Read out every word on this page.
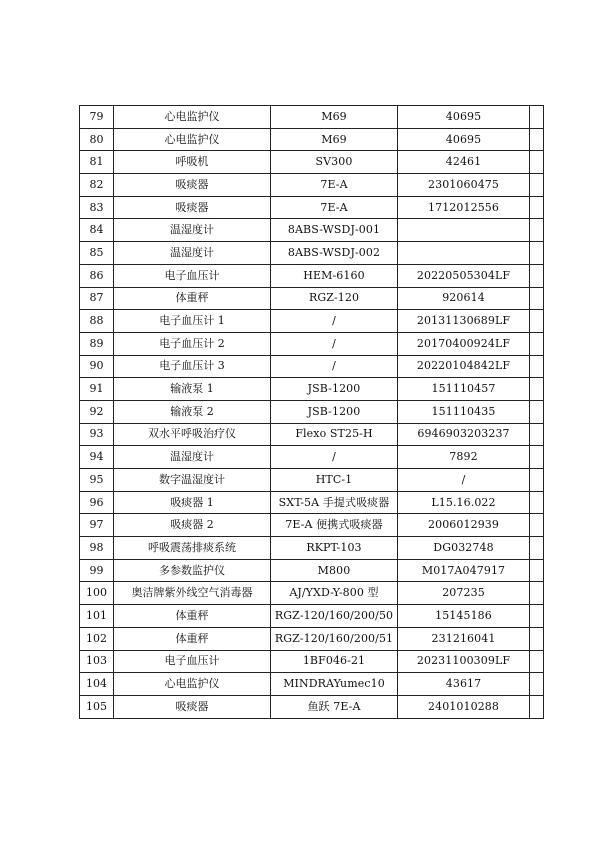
79	心电监护仪	M69	40695	
80	心电监护仪	M69	40695	
81	呼吸机	SV300	42461	
82	吸痰器	7E-A	2301060475	
83	吸痰器	7E-A	1712012556	
84	温湿度计	8ABS-WSDJ-001		
85	温湿度计	8ABS-WSDJ-002		
86	电子血压计	HEM-6160	20220505304LF	
87	体重秤	RGZ-120	920614	
88	电子血压计 1	/	20131130689LF	
89	电子血压计 2	/	20170400924LF	
90	电子血压计 3	/	20220104842LF	
91	输液泵 1	JSB-1200	151110457	
92	输液泵 2	JSB-1200	151110435	
93	双水平呼吸治疗仪	Flexo ST25-H	6946903203237	
94	温湿度计	/	7892	
95	数字温湿度计	HTC-1	/	
96	吸痰器 1	SXT-5A 手提式吸痰器	L15.16.022	
97	吸痰器 2	7E-A 便携式吸痰器	2006012939	
98	呼吸震荡排痰系统	RKPT-103	DG032748	
99	多参数监护仪	M800	M017A047917	
100	奥洁牌紫外线空气消毒器	AJ/YXD-Y-800 型	207235	
101	体重秤	RGZ-120/160/200/50	15145186	
102	体重秤	RGZ-120/160/200/51	231216041	
103	电子血压计	1BF046-21	20231100309LF	
104	心电监护仪	MINDRAYumec10	43617	
105	吸痰器	鱼跃 7E-A	2401010288	
